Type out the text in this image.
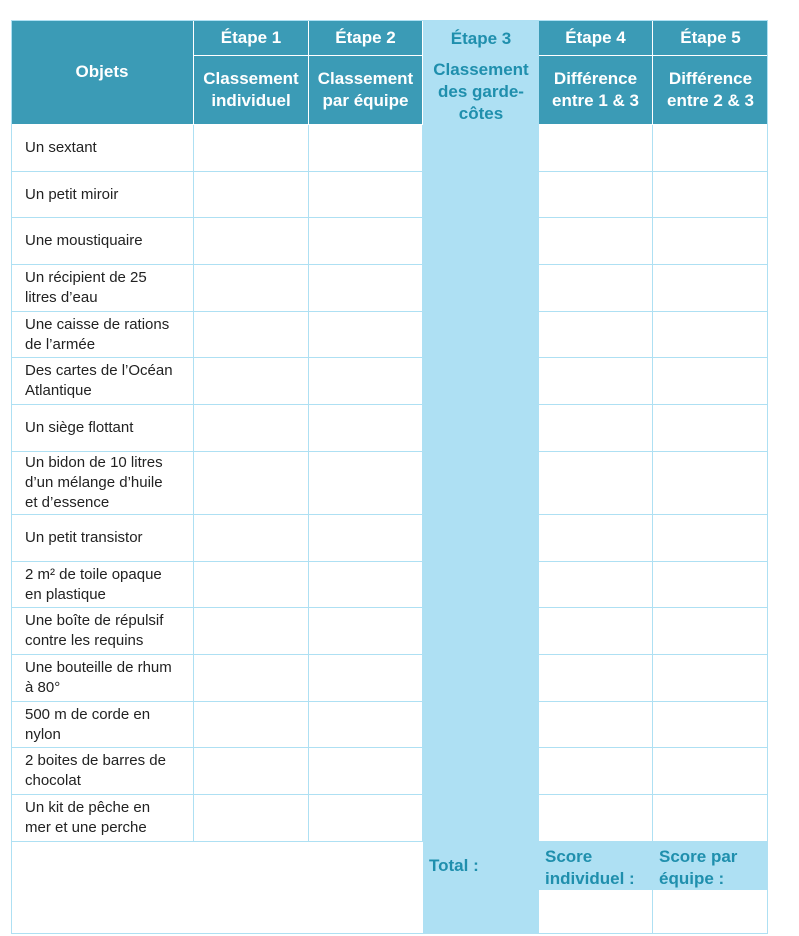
Objets
Étape 1
Classement
individuel
Étape 2
Classement
par équipe
Étape 3
Classement
des garde-
côtes
Étape 4
Différence
entre 1 & 3
Étape 5
Différence
entre 2 & 3
Total :	Score
individuel :
Score par
équipe :
Un sextant
Un petit miroir
Une moustiquaire
Un récipient de 25
litres d’eau
Une caisse de rations
de l’armée
Des cartes de l’Océan
Atlantique
Un siège flottant
Un bidon de 10 litres
d’un mélange d’huile
et d’essence
Un petit transistor
2 m² de toile opaque
en plastique
Une boîte de répulsif
contre les requins
Une bouteille de rhum
à 80°
500 m de corde en
nylon
2 boites de barres de
chocolat
Un kit de pêche en
mer et une perche
